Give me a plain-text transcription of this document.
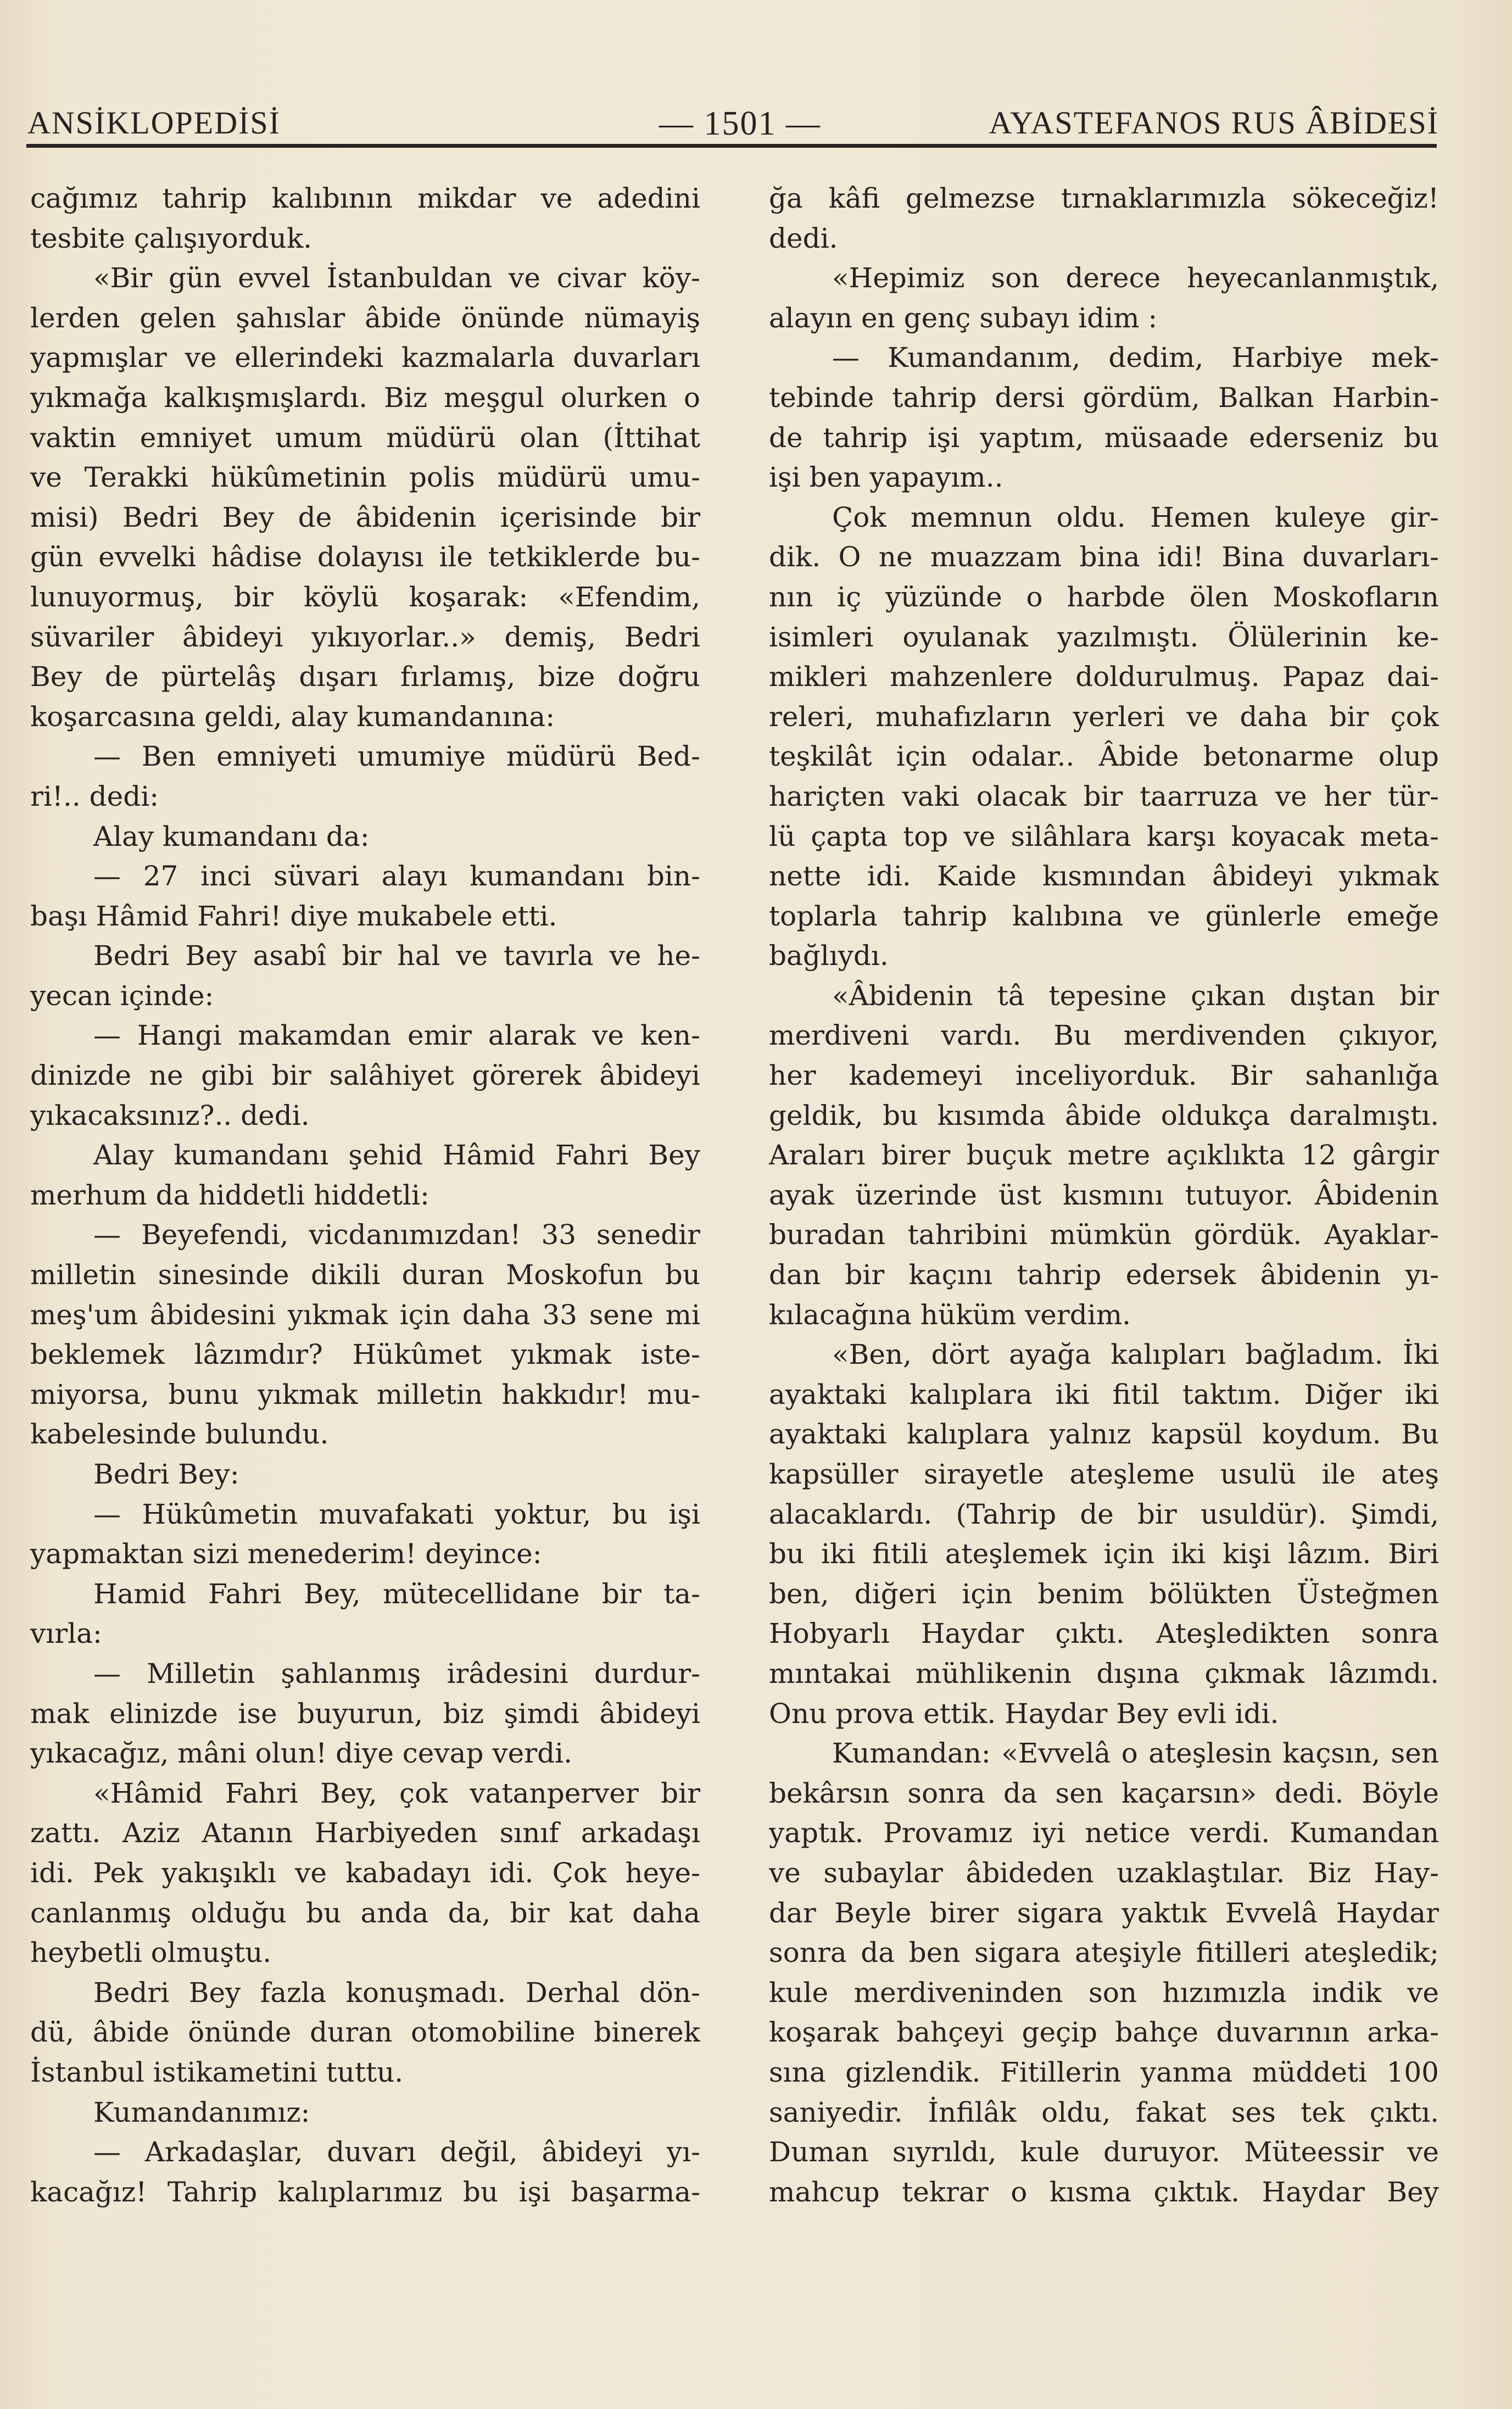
ANSİKLOPEDİSİ	— 1501 —	AYASTEFANOS RUS ÂBİDESİ
cağımız tahrip kalıbının mikdar ve adedini
tesbite çalışıyorduk.
«Bir gün evvel İstanbuldan ve civar köy-
lerden gelen şahıslar âbide önünde nümayiş
yapmışlar ve ellerindeki kazmalarla duvarları
yıkmağa kalkışmışlardı. Biz meşgul olurken o
vaktin emniyet umum müdürü olan (İttihat
ve Terakki hükûmetinin polis müdürü umu-
misi) Bedri Bey de âbidenin içerisinde bir
gün evvelki hâdise dolayısı ile tetkiklerde bu-
lunuyormuş, bir köylü koşarak: «Efendim,
süvariler âbideyi yıkıyorlar..» demiş, Bedri
Bey de pürtelâş dışarı fırlamış, bize doğru
koşarcasına geldi, alay kumandanına:
— Ben emniyeti umumiye müdürü Bed-
ri!.. dedi:
Alay kumandanı da:
— 27 inci süvari alayı kumandanı bin-
başı Hâmid Fahri! diye mukabele etti.
Bedri Bey asabî bir hal ve tavırla ve he-
yecan içinde:
— Hangi makamdan emir alarak ve ken-
dinizde ne gibi bir salâhiyet görerek âbideyi
yıkacaksınız?.. dedi.
Alay kumandanı şehid Hâmid Fahri Bey
merhum da hiddetli hiddetli:
— Beyefendi, vicdanımızdan! 33 senedir
milletin sinesinde dikili duran Moskofun bu
meş'um âbidesini yıkmak için daha 33 sene mi
beklemek lâzımdır? Hükûmet yıkmak iste-
miyorsa, bunu yıkmak milletin hakkıdır! mu-
kabelesinde bulundu.
Bedri Bey:
— Hükûmetin muvafakati yoktur, bu işi
yapmaktan sizi menederim! deyince:
Hamid Fahri Bey, mütecellidane bir ta-
vırla:
— Milletin şahlanmış irâdesini durdur-
mak elinizde ise buyurun, biz şimdi âbideyi
yıkacağız, mâni olun! diye cevap verdi.
«Hâmid Fahri Bey, çok vatanperver bir
zattı. Aziz Atanın Harbiyeden sınıf arkadaşı
idi. Pek yakışıklı ve kabadayı idi. Çok heye-
canlanmış olduğu bu anda da, bir kat daha
heybetli olmuştu.
Bedri Bey fazla konuşmadı. Derhal dön-
dü, âbide önünde duran otomobiline binerek
İstanbul istikametini tuttu.
Kumandanımız:
— Arkadaşlar, duvarı değil, âbideyi yı-
kacağız! Tahrip kalıplarımız bu işi başarma-
ğa kâfi gelmezse tırnaklarımızla sökeceğiz!
dedi.
«Hepimiz son derece heyecanlanmıştık,
alayın en genç subayı idim :
— Kumandanım, dedim, Harbiye mek-
tebinde tahrip dersi gördüm, Balkan Harbin-
de tahrip işi yaptım, müsaade ederseniz bu
işi ben yapayım..
Çok memnun oldu. Hemen kuleye gir-
dik. O ne muazzam bina idi! Bina duvarları-
nın iç yüzünde o harbde ölen Moskofların
isimleri oyulanak yazılmıştı. Ölülerinin ke-
mikleri mahzenlere doldurulmuş. Papaz dai-
releri, muhafızların yerleri ve daha bir çok
teşkilât için odalar.. Âbide betonarme olup
hariçten vaki olacak bir taarruza ve her tür-
lü çapta top ve silâhlara karşı koyacak meta-
nette idi. Kaide kısmından âbideyi yıkmak
toplarla tahrip kalıbına ve günlerle emeğe
bağlıydı.
«Âbidenin tâ tepesine çıkan dıştan bir
merdiveni vardı. Bu merdivenden çıkıyor,
her kademeyi inceliyorduk. Bir sahanlığa
geldik, bu kısımda âbide oldukça daralmıştı.
Araları birer buçuk metre açıklıkta 12 gârgir
ayak üzerinde üst kısmını tutuyor. Âbidenin
buradan tahribini mümkün gördük. Ayaklar-
dan bir kaçını tahrip edersek âbidenin yı-
kılacağına hüküm verdim.
«Ben, dört ayağa kalıpları bağladım. İki
ayaktaki kalıplara iki fitil taktım. Diğer iki
ayaktaki kalıplara yalnız kapsül koydum. Bu
kapsüller sirayetle ateşleme usulü ile ateş
alacaklardı. (Tahrip de bir usuldür). Şimdi,
bu iki fitili ateşlemek için iki kişi lâzım. Biri
ben, diğeri için benim bölükten Üsteğmen
Hobyarlı Haydar çıktı. Ateşledikten sonra
mıntakai mühlikenin dışına çıkmak lâzımdı.
Onu prova ettik. Haydar Bey evli idi.
Kumandan: «Evvelâ o ateşlesin kaçsın, sen
bekârsın sonra da sen kaçarsın» dedi. Böyle
yaptık. Provamız iyi netice verdi. Kumandan
ve subaylar âbideden uzaklaştılar. Biz Hay-
dar Beyle birer sigara yaktık Evvelâ Haydar
sonra da ben sigara ateşiyle fitilleri ateşledik;
kule merdiveninden son hızımızla indik ve
koşarak bahçeyi geçip bahçe duvarının arka-
sına gizlendik. Fitillerin yanma müddeti 100
saniyedir. İnfilâk oldu, fakat ses tek çıktı.
Duman sıyrıldı, kule duruyor. Müteessir ve
mahcup tekrar o kısma çıktık. Haydar Bey
